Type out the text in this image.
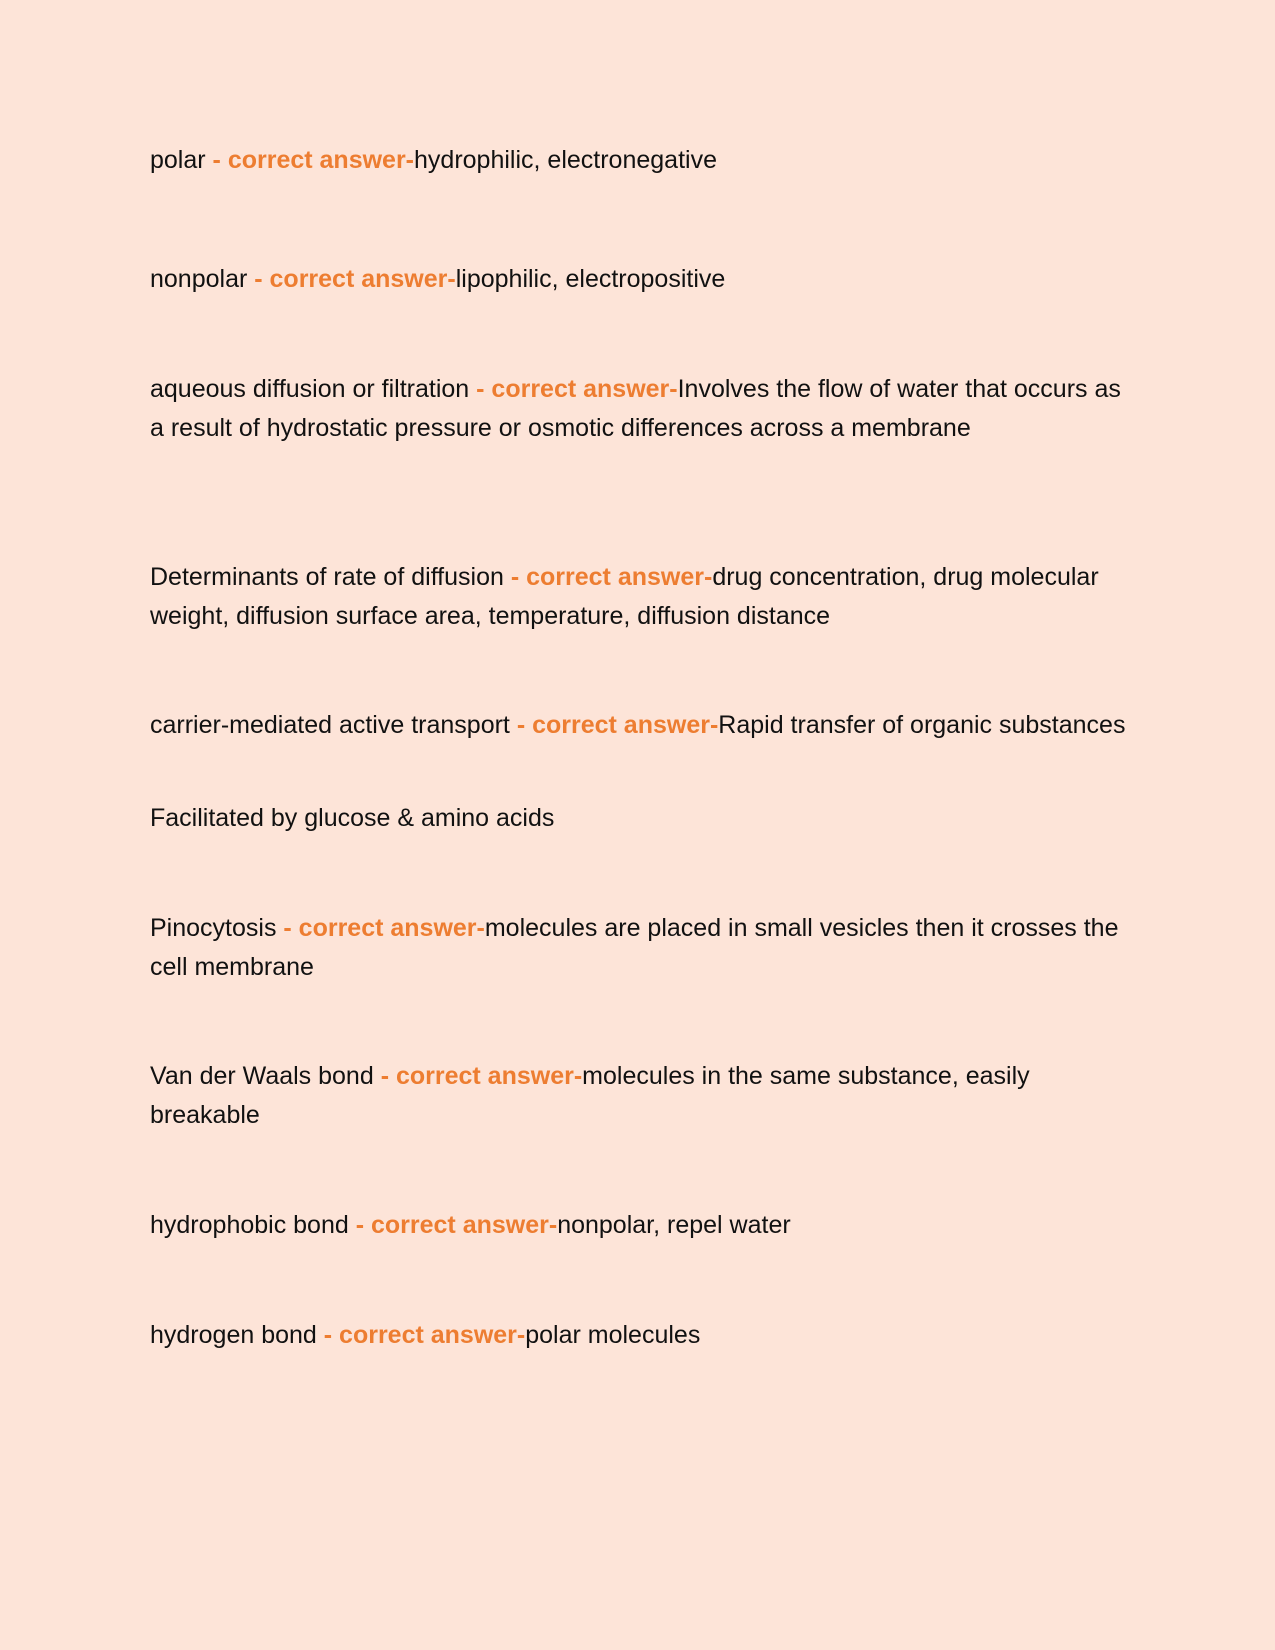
polar - correct answer-hydrophilic, electronegative

nonpolar - correct answer-lipophilic, electropositive

aqueous diffusion or filtration - correct answer-Involves the flow of water that occurs as a result of hydrostatic pressure or osmotic differences across a membrane

Determinants of rate of diffusion - correct answer-drug concentration, drug molecular weight, diffusion surface area, temperature, diffusion distance

carrier-mediated active transport - correct answer-Rapid transfer of organic substances

Facilitated by glucose & amino acids

Pinocytosis - correct answer-molecules are placed in small vesicles then it crosses the cell membrane

Van der Waals bond - correct answer-molecules in the same substance, easily breakable

hydrophobic bond - correct answer-nonpolar, repel water

hydrogen bond - correct answer-polar molecules
